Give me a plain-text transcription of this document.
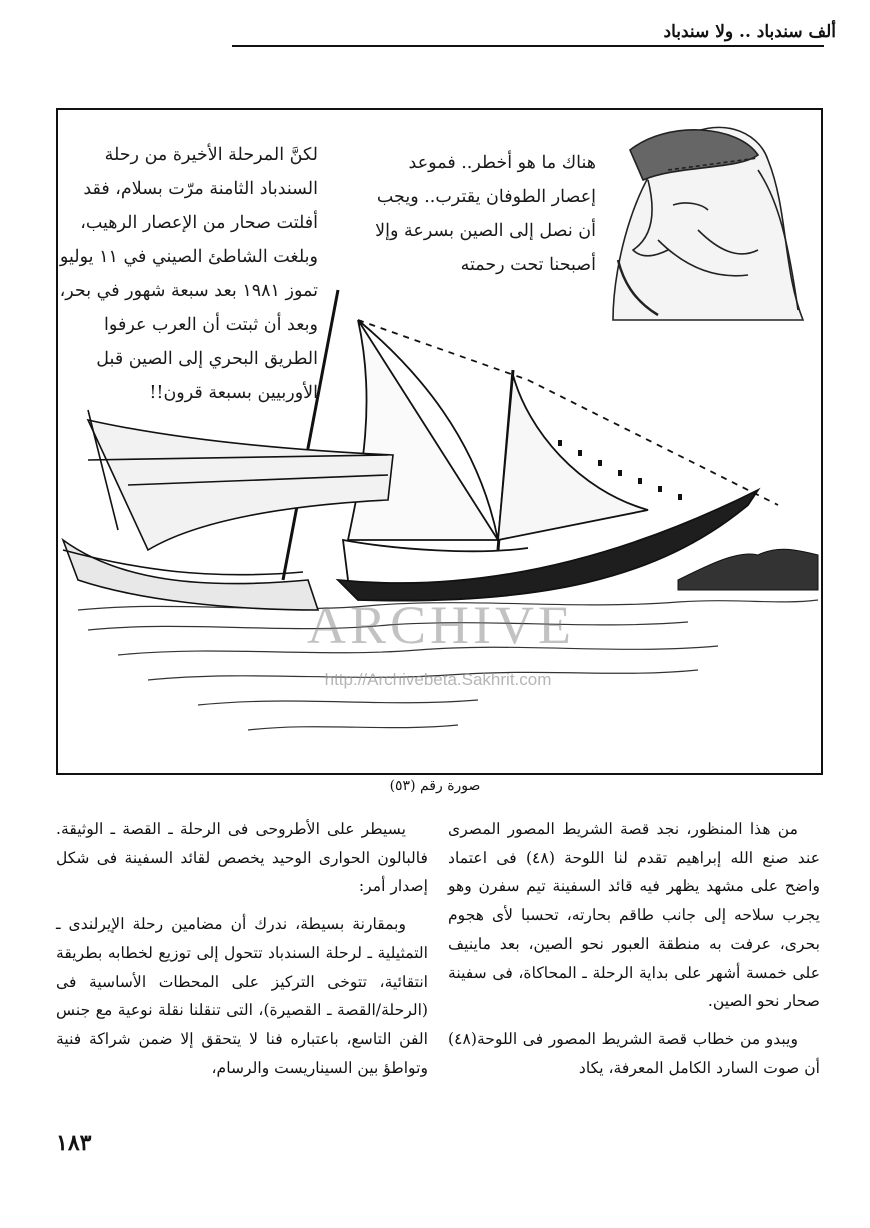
ألف سندباد .. ولا سندباد
لكنَّ المرحلة الأخيرة من رحلة
السندباد الثامنة مرّت بسلام، فقد
أفلتت صحار من الإعصار الرهيب،
وبلغت الشاطئ الصيني في ١١ يوليو
تموز ١٩٨١ بعد سبعة شهور في بحر،
وبعد أن ثبتت أن العرب عرفوا
الطريق البحري إلى الصين قبل
الأوربيين بسبعة قرون!!
هناك ما هو أخطر.. فموعد
إعصار الطوفان يقترب.. ويجب
أن نصل إلى الصين بسرعة وإلا
أصبحنا تحت رحمته
ARCHIVE
http://Archivebeta.Sakhrit.com
صورة رقم (٥٣)

من هذا المنظور، نجد قصة الشريط المصور المصرى عند صنع الله إبراهيم تقدم لنا اللوحة (٤٨) فى اعتماد واضح على مشهد يظهر فيه قائد السفينة تيم سفرن وهو يجرب سلاحه إلى جانب طاقم بحارته، تحسبا لأى هجوم بحرى، عرفت به منطقة العبور نحو الصين، بعد ماينيف على خمسة أشهر على بداية الرحلة ـ المحاكاة، فى سفينة صحار نحو الصين.

ويبدو من خطاب قصة الشريط المصور فى اللوحة(٤٨) أن صوت السارد الكامل المعرفة، يكاد

يسيطر على الأطروحى فى الرحلة ـ القصة ـ الوثيقة. فالبالون الحوارى الوحيد يخصص لقائد السفينة فى شكل إصدار أمر:

وبمقارنة بسيطة، ندرك أن مضامين رحلة الإيرلندى ـ التمثيلية ـ لرحلة السندباد تتحول إلى توزيع لخطابه بطريقة انتقائية، تتوخى التركيز على المحطات الأساسية فى (الرحلة/القصة ـ القصيرة)، التى تنقلنا نقلة نوعية مع جنس الفن التاسع، باعتباره فنا لا يتحقق إلا ضمن شراكة فنية وتواطؤ بين السيناريست والرسام،

١٨٣
